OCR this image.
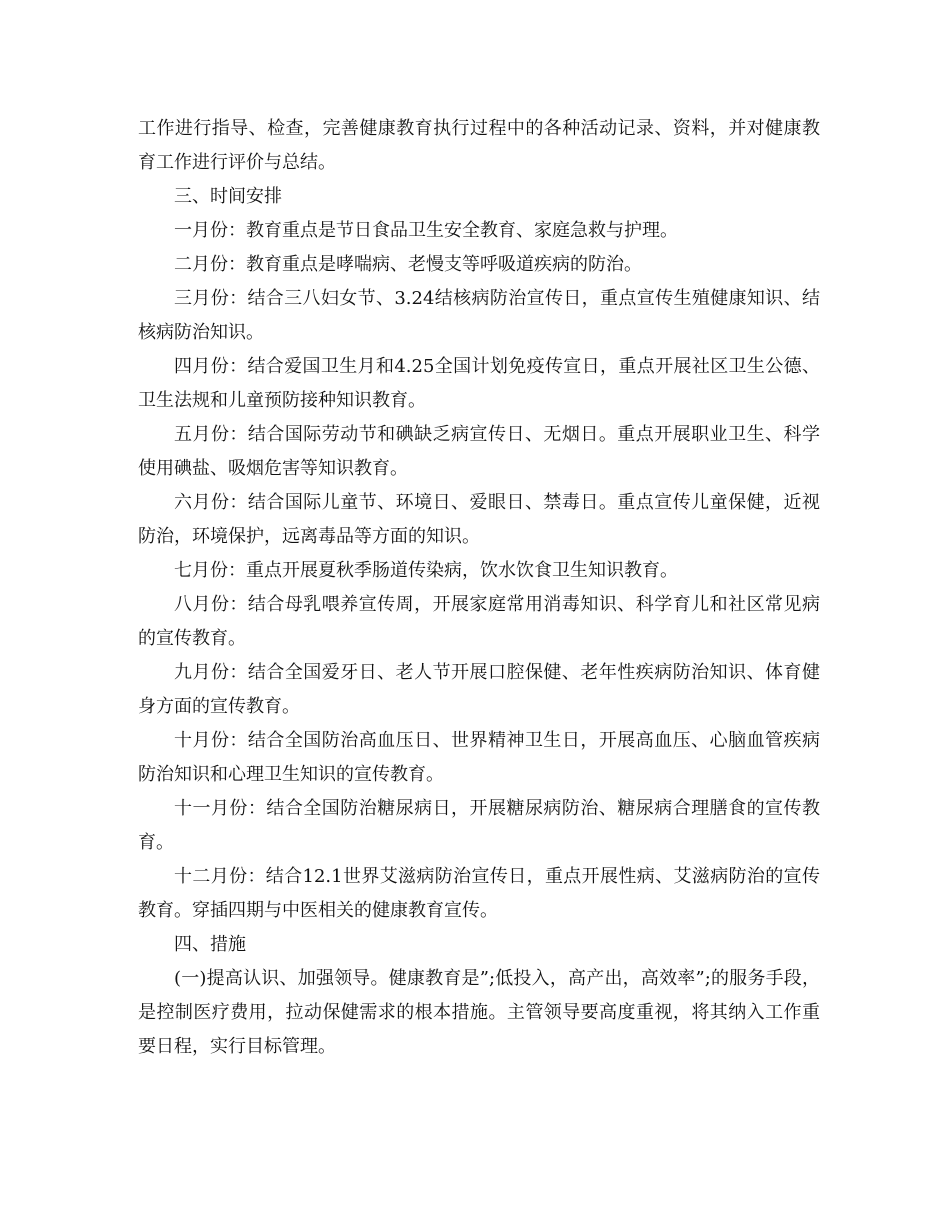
工作进行指导、检查，完善健康教育执行过程中的各种活动记录、资料，并对健康教育工作进行评价与总结。

三、时间安排

一月份：教育重点是节日食品卫生安全教育、家庭急救与护理。

二月份：教育重点是哮喘病、老慢支等呼吸道疾病的防治。

三月份：结合三八妇女节、3.24结核病防治宣传日，重点宣传生殖健康知识、结核病防治知识。

四月份：结合爱国卫生月和4.25全国计划免疫传宣日，重点开展社区卫生公德、卫生法规和儿童预防接种知识教育。

五月份：结合国际劳动节和碘缺乏病宣传日、无烟日。重点开展职业卫生、科学使用碘盐、吸烟危害等知识教育。

六月份：结合国际儿童节、环境日、爱眼日、禁毒日。重点宣传儿童保健，近视防治，环境保护，远离毒品等方面的知识。

七月份：重点开展夏秋季肠道传染病，饮水饮食卫生知识教育。

八月份：结合母乳喂养宣传周，开展家庭常用消毒知识、科学育儿和社区常见病的宣传教育。

九月份：结合全国爱牙日、老人节开展口腔保健、老年性疾病防治知识、体育健身方面的宣传教育。

十月份：结合全国防治高血压日、世界精神卫生日，开展高血压、心脑血管疾病防治知识和心理卫生知识的宣传教育。

十一月份：结合全国防治糖尿病日，开展糖尿病防治、糖尿病合理膳食的宣传教育。

十二月份：结合12.1世界艾滋病防治宣传日，重点开展性病、艾滋病防治的宣传教育。穿插四期与中医相关的健康教育宣传。

四、措施

(一)提高认识、加强领导。健康教育是”;低投入，高产出，高效率”;的服务手段，是控制医疗费用，拉动保健需求的根本措施。主管领导要高度重视，将其纳入工作重要日程，实行目标管理。
